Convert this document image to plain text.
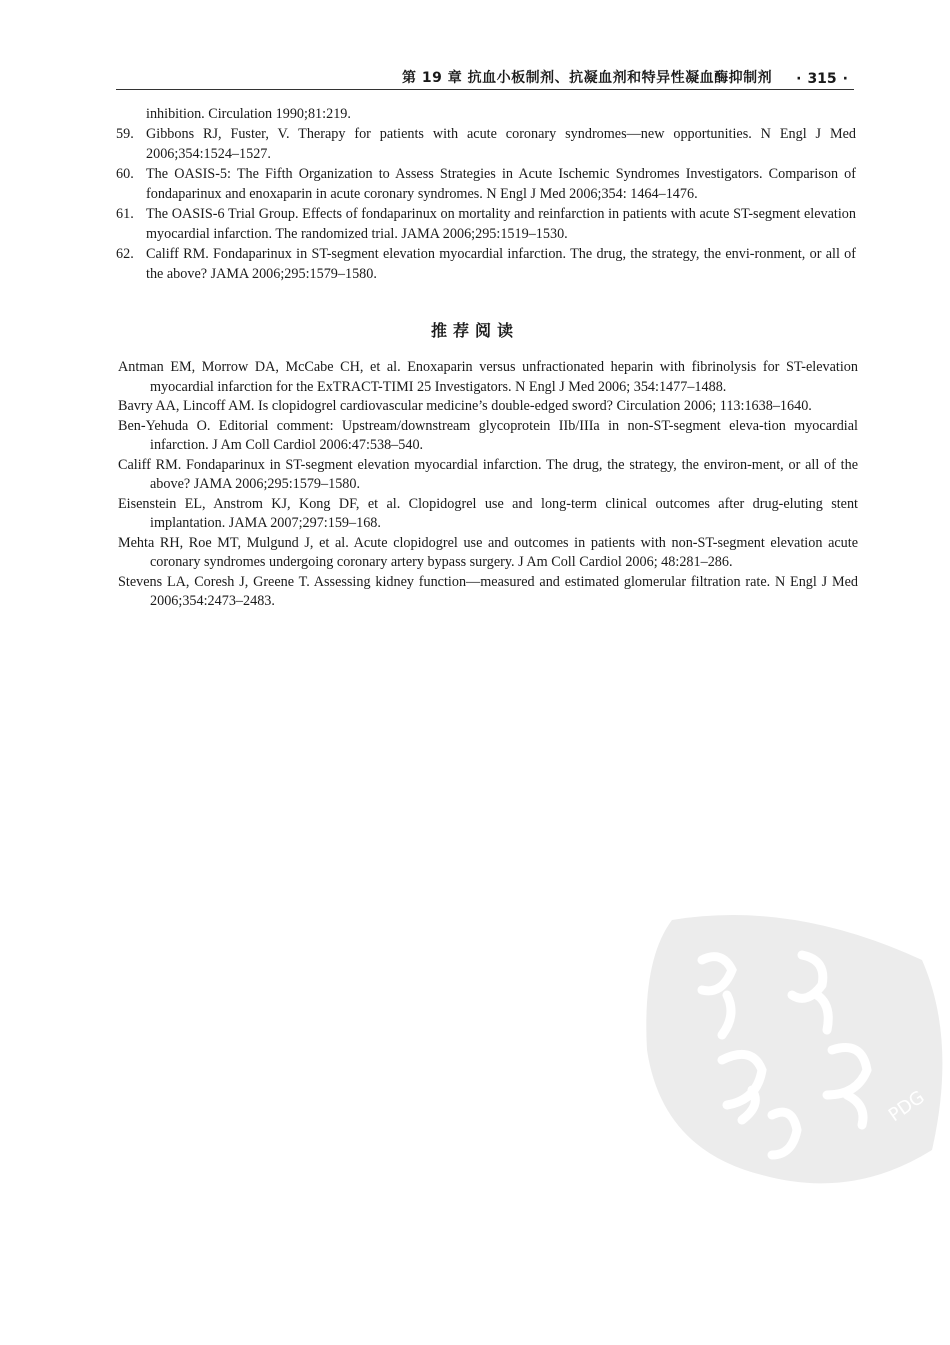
第 19 章 抗血小板制剂、抗凝血剂和特异性凝血酶抑制剂 · 315 ·

inhibition. Circulation 1990;81:219.

59. Gibbons RJ, Fuster, V. Therapy for patients with acute coronary syndromes—new opportunities. N Engl J Med 2006;354:1524–1527.

60. The OASIS-5: The Fifth Organization to Assess Strategies in Acute Ischemic Syndromes Investigators. Comparison of fondaparinux and enoxaparin in acute coronary syndromes. N Engl J Med 2006;354: 1464–1476.

61. The OASIS-6 Trial Group. Effects of fondaparinux on mortality and reinfarction in patients with acute ST-segment elevation myocardial infarction. The randomized trial. JAMA 2006;295:1519–1530.

62. Califf RM. Fondaparinux in ST-segment elevation myocardial infarction. The drug, the strategy, the envi-ronment, or all of the above? JAMA 2006;295:1579–1580.

推荐阅读

Antman EM, Morrow DA, McCabe CH, et al. Enoxaparin versus unfractionated heparin with fibrinolysis for ST-elevation myocardial infarction for the ExTRACT-TIMI 25 Investigators. N Engl J Med 2006; 354:1477–1488.

Bavry AA, Lincoff AM. Is clopidogrel cardiovascular medicine’s double-edged sword? Circulation 2006; 113:1638–1640.

Ben-Yehuda O. Editorial comment: Upstream/downstream glycoprotein IIb/IIIa in non-ST-segment eleva-tion myocardial infarction. J Am Coll Cardiol 2006:47:538–540.

Califf RM. Fondaparinux in ST-segment elevation myocardial infarction. The drug, the strategy, the environ-ment, or all of the above? JAMA 2006;295:1579–1580.

Eisenstein EL, Anstrom KJ, Kong DF, et al. Clopidogrel use and long-term clinical outcomes after drug-eluting stent implantation. JAMA 2007;297:159–168.

Mehta RH, Roe MT, Mulgund J, et al. Acute clopidogrel use and outcomes in patients with non-ST-segment elevation acute coronary syndromes undergoing coronary artery bypass surgery. J Am Coll Cardiol 2006; 48:281–286.

Stevens LA, Coresh J, Greene T. Assessing kidney function—measured and estimated glomerular filtration rate. N Engl J Med 2006;354:2473–2483.

PDG
